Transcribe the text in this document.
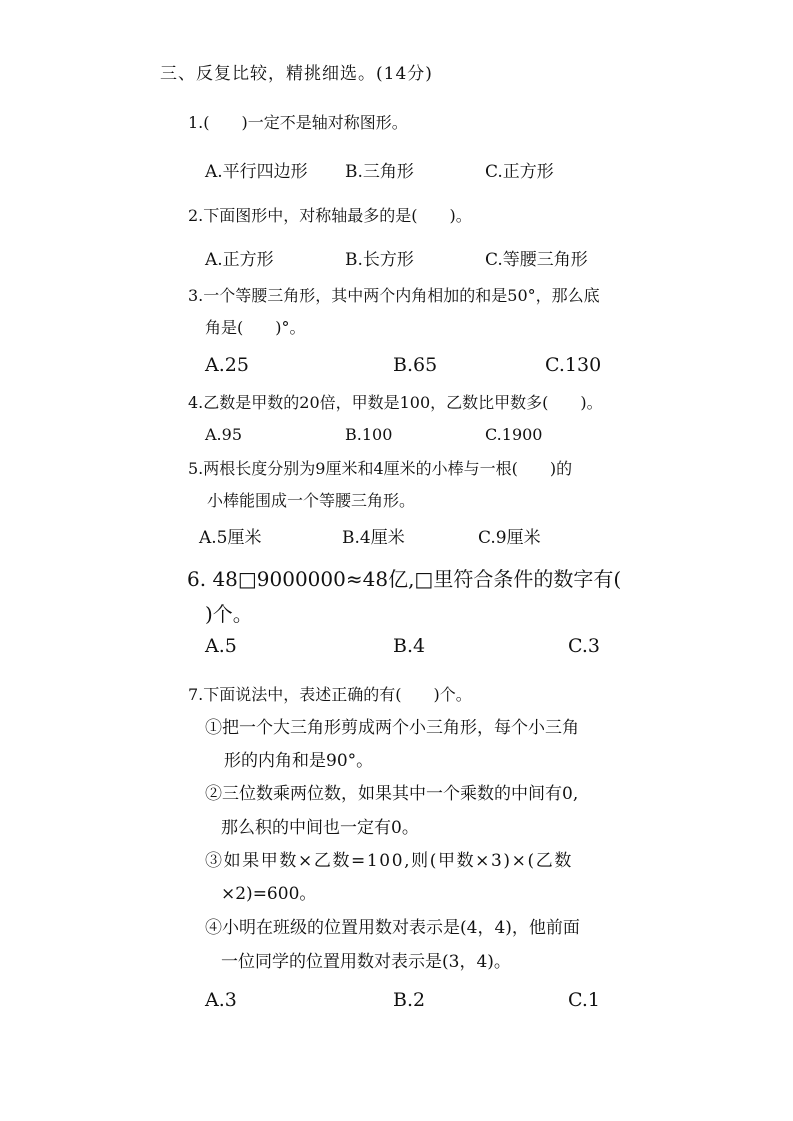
三、反复比较，精挑细选。(14分)
1.(　　)一定不是轴对称图形。
A.平行四边形 B.三角形	C.正方形
2.下面图形中，对称轴最多的是(　　)。
A.正方形	B.长方形	C.等腰三角形
3.一个等腰三角形，其中两个内角相加的和是50°，那么底
角是(　　)°。
A.25	B.65	C.130
4.乙数是甲数的20倍，甲数是100，乙数比甲数多(　　)。
A.95	B.100	C.1900
5.两根长度分别为9厘米和4厘米的小棒与一根(　　)的
小棒能围成一个等腰三角形。
A.5厘米	B.4厘米	C.9厘米
6. 48□9000000≈48亿,□里符合条件的数字有(
)个。
A.5	B.4	C.3
7.下面说法中，表述正确的有(　　)个。
①把一个大三角形剪成两个小三角形，每个小三角
形的内角和是90°。
②三位数乘两位数，如果其中一个乘数的中间有0,
那么积的中间也一定有0。
③如果甲数×乙数=100,则(甲数×3)×(乙数
×2)=600。
④小明在班级的位置用数对表示是(4，4)，他前面
一位同学的位置用数对表示是(3，4)。
A.3	B.2	C.1
